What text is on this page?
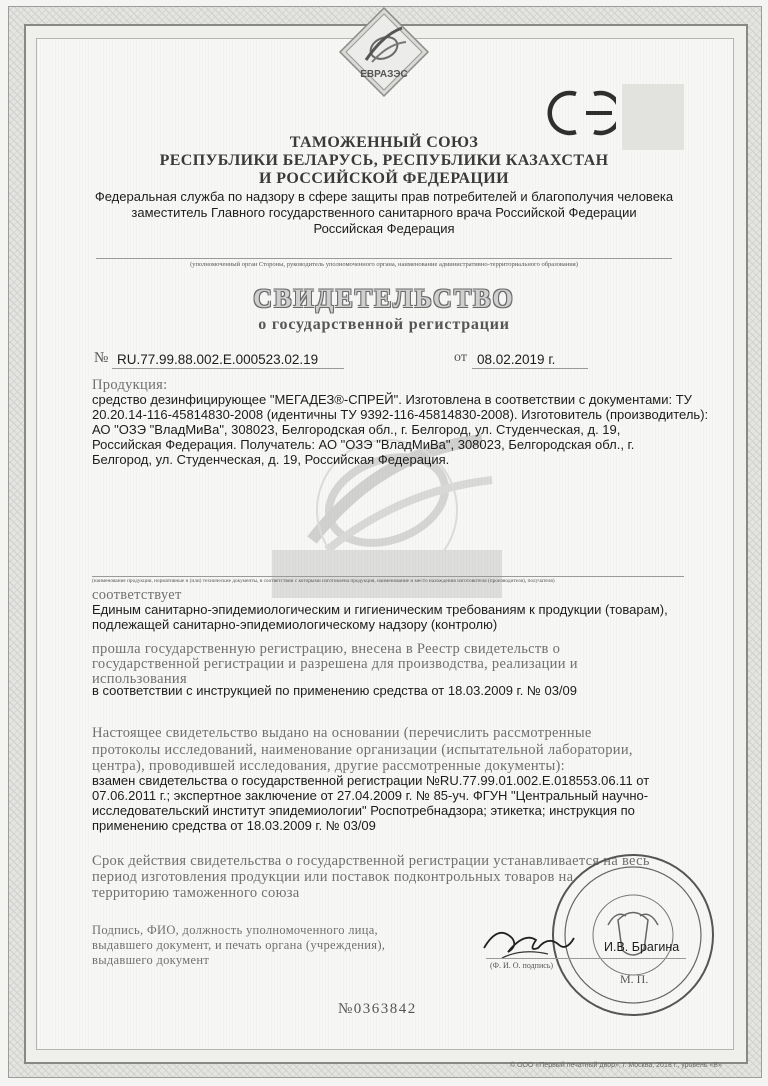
ЕВРАЗЭС

ТАМОЖЕННЫЙ СОЮЗ

РЕСПУБЛИКИ БЕЛАРУСЬ, РЕСПУБЛИКИ КАЗАХСТАН

И РОССИЙСКОЙ ФЕДЕРАЦИИ

Федеральная служба по надзору в сфере защиты прав потребителей и благополучия человека

заместитель Главного государственного санитарного врача Российской Федерации

Российская Федерация

(уполномоченный орган Стороны, руководитель уполномоченного органа, наименование административно-территориального образования)

СВИДЕТЕЛЬСТВО

о государственной регистрации

№ RU.77.99.88.002.E.000523.02.19	от 08.02.2019 г.

Продукция:

средство дезинфицирующее "МЕГАДЕЗ®-СПРЕЙ". Изготовлена в соответствии с документами: ТУ

20.20.14-116-45814830-2008 (идентичны ТУ 9392-116-45814830-2008). Изготовитель (производитель):

АО "ОЗЭ "ВладМиВа", 308023, Белгородская обл., г. Белгород, ул. Студенческая, д. 19,

Российская Федерация. Получатель: АО "ОЗЭ "ВладМиВа", 308023, Белгородская обл., г.

Белгород, ул. Студенческая, д. 19, Российская Федерация.

(наименование продукции, нормативные и (или) технические документы, в соответствии с которыми изготовлена продукция, наименование и место нахождения изготовителя (производителя), получателя)

соответствует

Единым санитарно-эпидемиологическим и гигиеническим требованиям к продукции (товарам),

подлежащей санитарно-эпидемиологическому надзору (контролю)

прошла государственную регистрацию, внесена в Реестр свидетельств о

государственной регистрации и разрешена для производства, реализации и

использования

в соответствии с инструкцией по применению средства от 18.03.2009 г. № 03/09

Настоящее свидетельство выдано на основании (перечислить рассмотренные

протоколы исследований, наименование организации (испытательной лаборатории,

центра), проводившей исследования, другие рассмотренные документы):

взамен свидетельства о государственной регистрации №RU.77.99.01.002.E.018553.06.11 от

07.06.2011 г.; экспертное заключение от 27.04.2009 г. № 85-уч. ФГУН "Центральный научно-

исследовательский институт эпидемиологии" Роспотребнадзора; этикетка; инструкция по

применению средства от 18.03.2009 г. № 03/09

Срок действия свидетельства о государственной регистрации устанавливается на весь

период изготовления продукции или поставок подконтрольных товаров на

территорию таможенного союза

Подпись, ФИО, должность уполномоченного лица,

выдавшего документ, и печать органа (учреждения),

выдавшего документ

И.В. Брагина

(Ф. И. О. подпись)

М. П.

№0363842

© ООО «Первый печатный двор», г. Москва, 2018 г., уровень «В»
